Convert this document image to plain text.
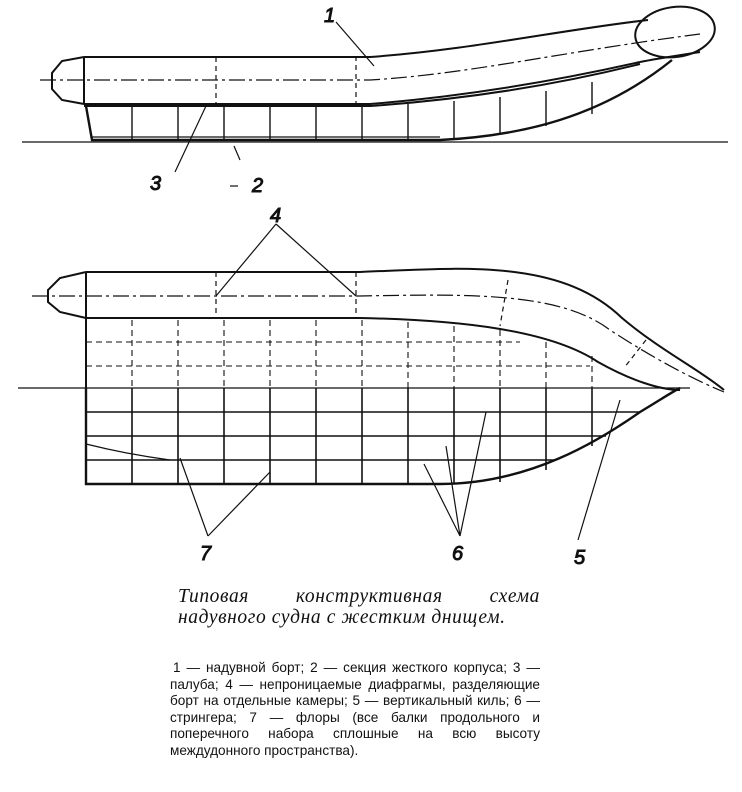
1
3	2
4
7	6	5
Типовая конструктивная схема надувного судна с жестким днищем.

1 — надувной борт; 2 — секция жесткого корпуса; 3 — палуба; 4 — непроницаемые диафрагмы, разделяющие борт на отдельные камеры; 5 — вертикальный киль; 6 — стрингера; 7 — флоры (все балки продольного и поперечного набора сплошные на всю высоту междудонного пространства).
